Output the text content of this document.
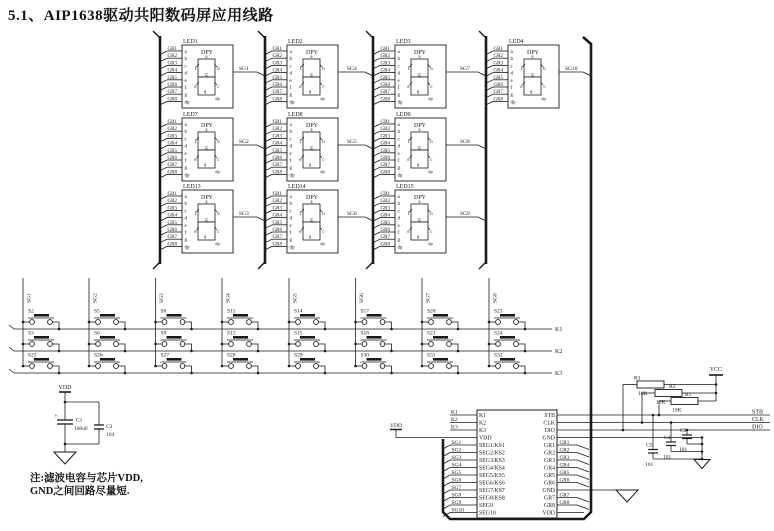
5.1、AIP1638驱动共阳数码屏应用线路
注:滤波电容与芯片VDD,
GND之间回路尽量短.
LED1
DPY
GR1
a
GR2
b
GR3
c
GR4
d
GR5
e
GR6
f
GR7
g
GR8
dp
a
f	b
g
e	c
d
dp
SG1
LED2
DPY
GR1
a
GR2
b
GR3
c
GR4
d
GR5
e
GR6
f
GR7
g
GR8
dp
a
f	b
g
e	c
d
dp
SG4
LED3
DPY
GR1
a
GR2
b
GR3
c
GR4
d
GR5
e
GR6
f
GR7
g
GR8
dp
a
f	b
g
e	c
d
dp
SG7
LED4
DPY
GR1
a
GR2
b
GR3
c
GR4
d
GR5
e
GR6
f
GR7
g
GR8
dp
a
f	b
g
e	c
d
dp
SG10
LED7
DPY
GR1
a
GR2
b
GR3
c
GR4
d
GR5
e
GR6
f
GR7
g
GR8
dp
a
f	b
g
e	c
d
dp
SG2
LED8
DPY
GR1
a
GR2
b
GR3
c
GR4
d
GR5
e
GR6
f
GR7
g
GR8
dp
a
f	b
g
e	c
d
dp
SG5
LED9
DPY
GR1
a
GR2
b
GR3
c
GR4
d
GR5
e
GR6
f
GR7
g
GR8
dp
a
f	b
g
e	c
d
dp
SG8
LED13
DPY
GR1
a
GR2
b
GR3
c
GR4
d
GR5
e
GR6
f
GR7
g
GR8
dp
a
f	b
g
e	c
d
dp
SG3
LED14
DPY
GR1
a
GR2
b
GR3
c
GR4
d
GR5
e
GR6
f
GR7
g
GR8
dp
a
f	b
g
e	c
d
dp
SG6
LED15
DPY
GR1
a
GR2
b
GR3
c
GR4
d
GR5
e
GR6
f
GR7
g
GR8
dp
a
f	b
g
e	c
d
dp
SG9
K1
K2
K3
SG1
S2
S3
S25
SG2
S5
S6
S26
SG3
S8
S9
S27
SG4
S11
S12
S28
SG5
S14
S15
S29
SG6
S17
S18
S30
SG7
S20
S21
S31
SG8
S23
S24
S32
K1
K2
K3
VDD
SEG1/KS1
SEG2/KS2
SEG3/KS3
SEG4/KS4
SEG5/KS5
SEG6/KS6
SEG7/KS7
SEG8/KS8
SEG9
SEG10
STB
CLK
DIO
GND
GR1
GR2
GR3
GR4
GR5
GR6
GND
GR7
GR8
VDD
K1
K2
K3
VDD
SG1
SG2
SG3
SG4
SG5
SG6
SG7
SG8
SG9
SG10
STB
CLK
DIO
GR1
GR2
GR3
GR4
GR5
GR6
GR7
GR8
R3
10K
R2
10K
R1
10K
VCC
C5
101
C4
101
C3
101
VDD
+
C1
100uF	C2
104
